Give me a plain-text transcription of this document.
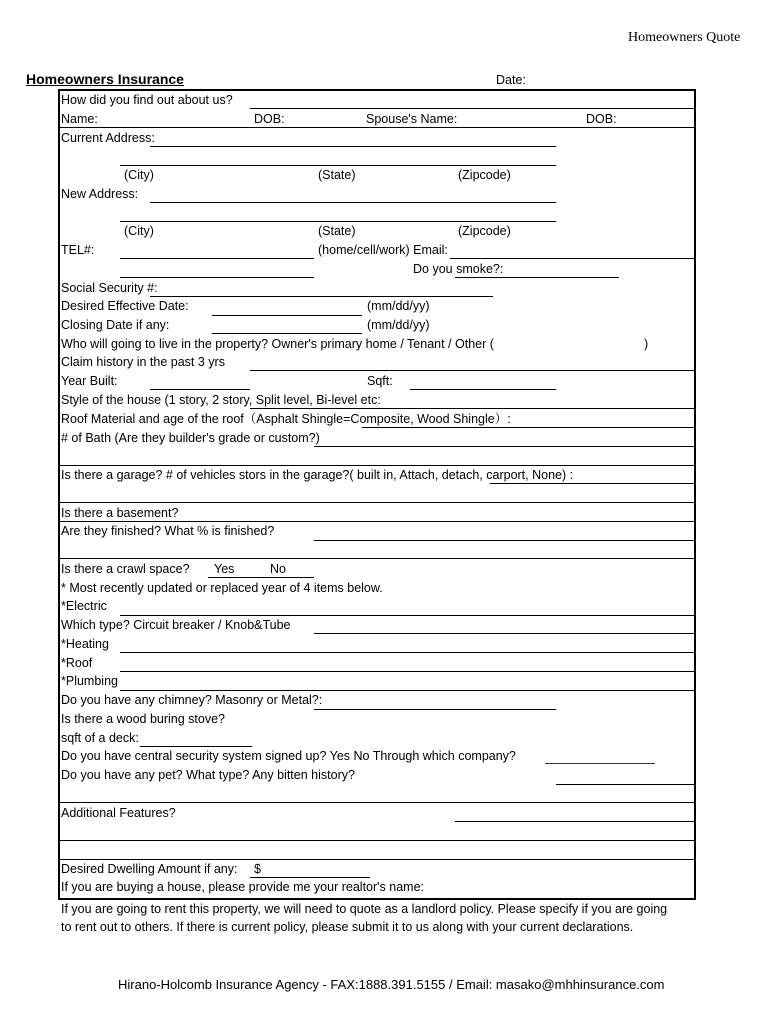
Homeowners Quote
Homeowners Insurance	Date:
How did you find out about us?
Name:	DOB:	Spouse's Name:	DOB:
Current Address:
(City)	(State)	(Zipcode)
New Address:
(City)	(State)	(Zipcode)
TEL#:	(home/cell/work) Email:
Do you smoke?:
Social Security #:
Desired Effective Date:	(mm/dd/yy)
Closing Date if any:	(mm/dd/yy)
Who will going to live in the property? Owner's primary home / Tenant / Other (	)
Claim history in the past 3 yrs
Year Built:	Sqft:
Style of the house (1 story, 2 story, Split level, Bi-level etc:
Roof Material and age of the roof（Asphalt Shingle=Composite, Wood Shingle）:
# of Bath (Are they builder's grade or custom?)
Is there a garage? # of vehicles stors in the garage?( built in, Attach, detach, carport, None) :
Is there a basement?
Are they finished? What % is finished?
Is there a crawl space? Yes	No
* Most recently updated or replaced year of 4 items below.
*Electric
Which type? Circuit breaker / Knob&Tube
*Heating
*Roof
*Plumbing
Do you have any chimney? Masonry or Metal?:
Is there a wood buring stove?
sqft of a deck:
Do you have central security system signed up? Yes No Through which company?
Do you have any pet? What type? Any bitten history?
Additional Features?
Desired Dwelling Amount if any: $
If you are buying a house, please provide me your realtor's name:
If you are going to rent this property, we will need to quote as a landlord policy. Please specify if you are going
to rent out to others. If there is current policy, please submit it to us along with your current declarations.
Hirano-Holcomb Insurance Agency - FAX:1888.391.5155 / Email: masako@mhhinsurance.com
